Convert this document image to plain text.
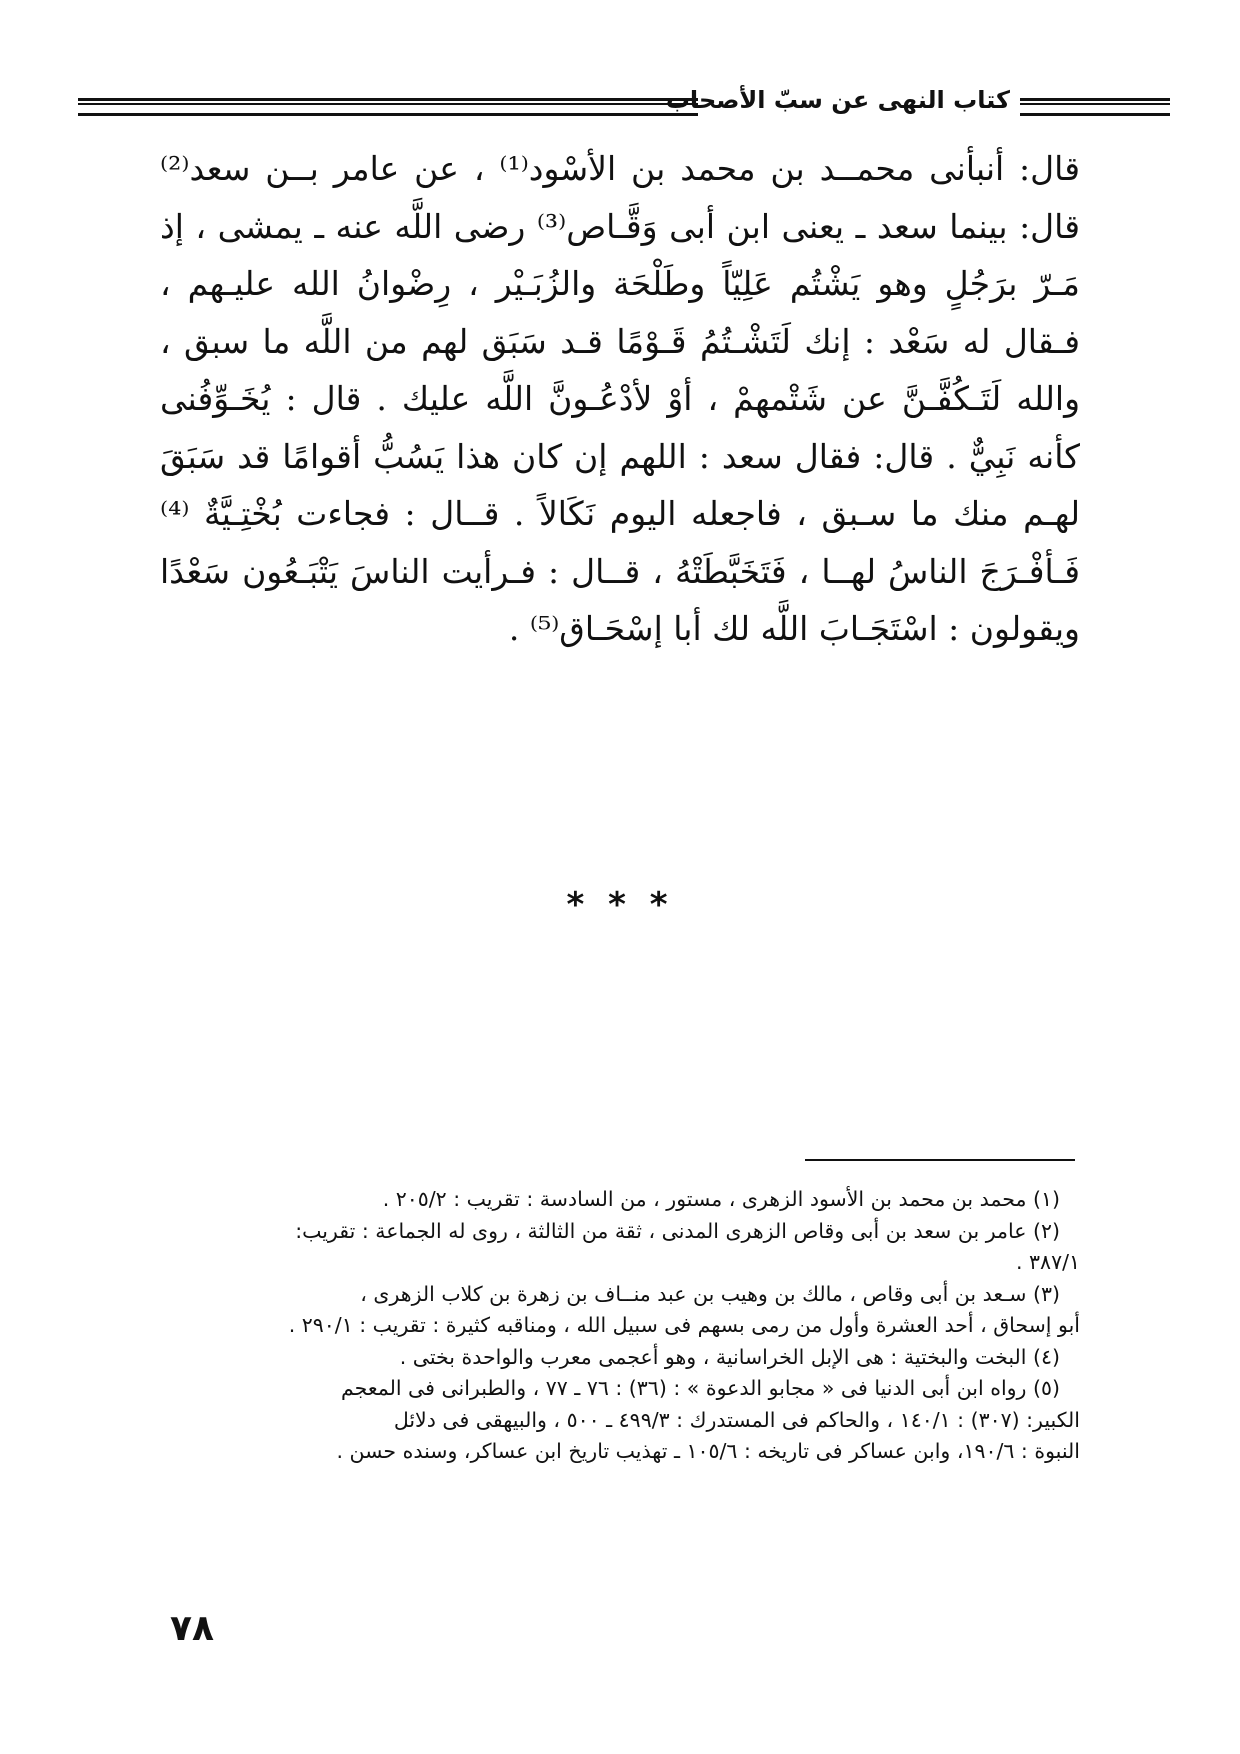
كتاب النهى عن سبّ الأصحاب
قال: أنبأنى محمــد بن محمد بن الأسْود⁽¹⁾ ، عن عامر بــن سعد⁽²⁾
قال: بينما سعد ـ يعنى ابن أبى وَقَّـاص⁽³⁾ رضى اللَّه عنه ـ يمشى ، إذ
مَـرّ برَجُلٍ وهو يَشْتُم عَلِيّاً وطَلْحَة والزُبَـيْر ، رِضْوانُ الله عليـهم ،
فـقال له سَعْد : إنك لَتَشْـتُمُ قَـوْمًا قـد سَبَق لهم من اللَّه ما سبق ،
والله لَتَـكُفَّـنَّ عن شَتْمهمْ ، أوْ لأدْعُـونَّ اللَّه عليك . قال : يُخَـوِّفُنى
كأنه نَبِيٌّ . قال: فقال سعد : اللهم إن كان هذا يَسُبُّ أقوامًا قد سَبَقَ
لهـم منك ما سـبق ، فاجعله اليوم نَكَالاً . قــال : فجاءت بُخْتِـيَّةٌ ⁽⁴⁾
فَـأفْـرَجَ الناسُ لهــا ، فَتَخَبَّطَتْهُ ، قــال : فـرأيت الناسَ يَتْبَـعُون سَعْدًا
ويقولون : اسْتَجَـابَ اللَّه لك أبا إسْحَـاق⁽⁵⁾ .
* * *
(١) محمد بن محمد بن الأسود الزهرى ، مستور ، من السادسة : تقريب : ٢٠٥/٢ .
(٢) عامر بن سعد بن أبى وقاص الزهرى المدنى ، ثقة من الثالثة ، روى له الجماعة : تقريب:
٣٨٧/١ .
(٣) سـعد بن أبى وقاص ، مالك بن وهيب بن عبد منــاف بن زهرة بن كلاب الزهرى ،
أبو إسحاق ، أحد العشرة وأول من رمى بسهم فى سبيل الله ، ومناقبه كثيرة : تقريب : ٢٩٠/١ .
(٤) البخت والبختية : هى الإبل الخراسانية ، وهو أعجمى معرب والواحدة بختى .
(٥) رواه ابن أبى الدنيا فى « مجابو الدعوة » : (٣٦) : ٧٦ ـ ٧٧ ، والطبرانى فى المعجم
الكبير: (٣٠٧) : ١٤٠/١ ، والحاكم فى المستدرك : ٤٩٩/٣ ـ ٥٠٠ ، والبيهقى فى دلائل
النبوة : ١٩٠/٦، وابن عساكر فى تاريخه : ١٠٥/٦ ـ تهذيب تاريخ ابن عساكر، وسنده حسن .
٧٨
